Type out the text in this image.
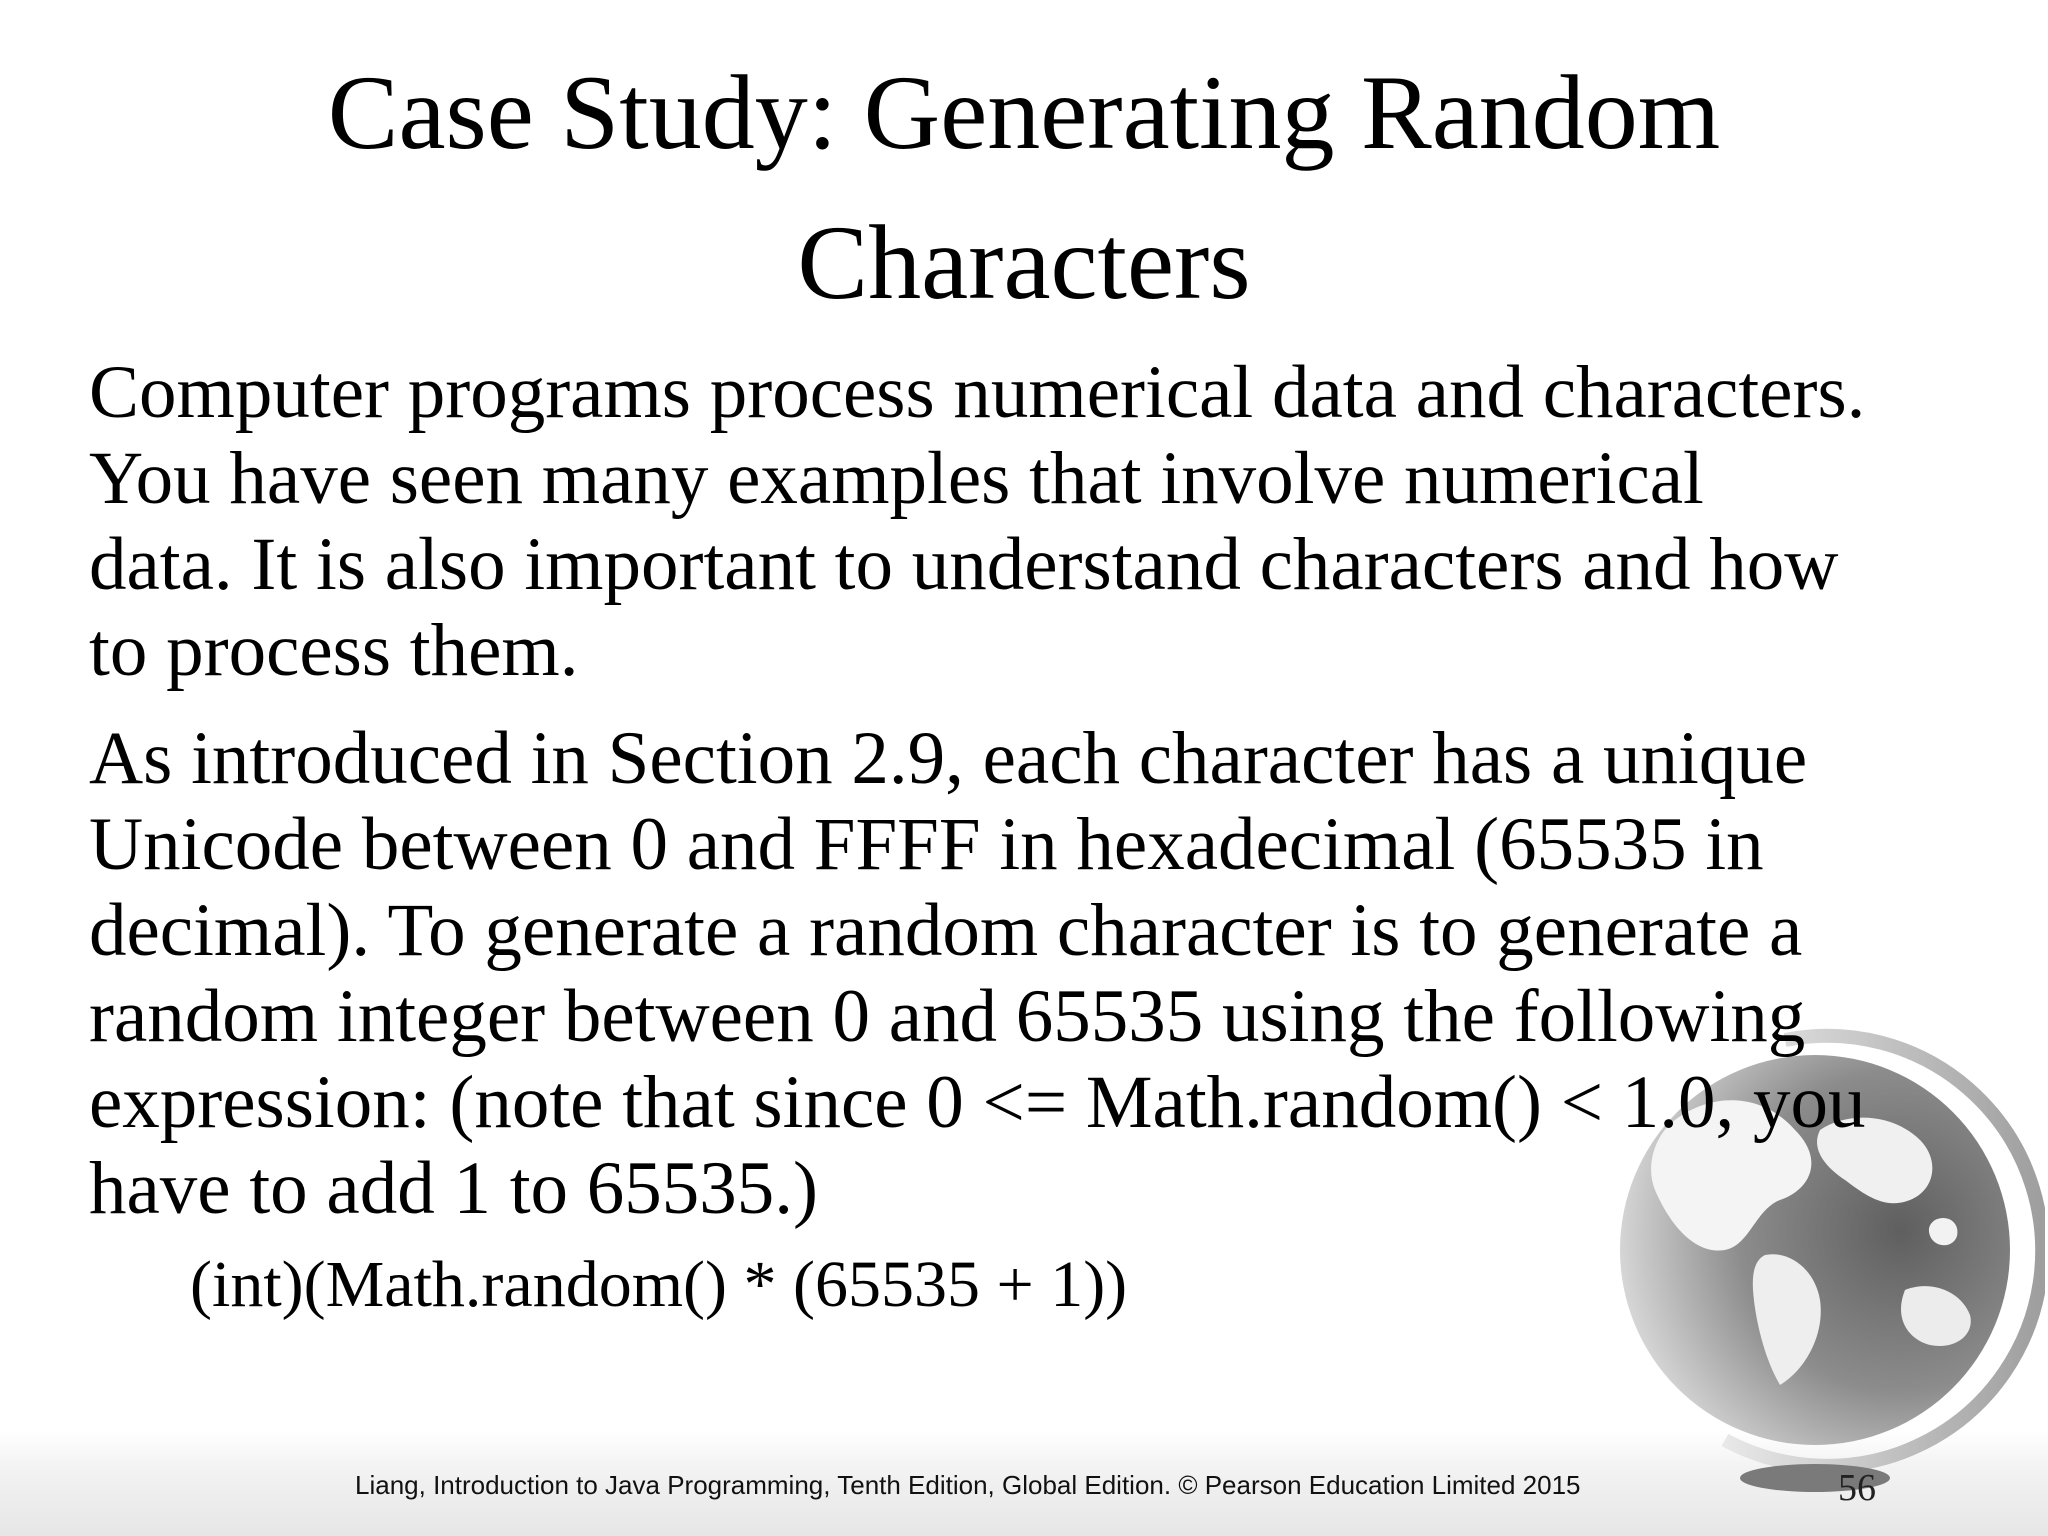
Case Study: Generating Random
Characters

Computer programs process numerical data and characters.
You have seen many examples that involve numerical
data. It is also important to understand characters and how
to process them.

As introduced in Section 2.9, each character has a unique
Unicode between 0 and FFFF in hexadecimal (65535 in
decimal). To generate a random character is to generate a
random integer between 0 and 65535 using the following
expression: (note that since 0 <= Math.random() < 1.0, you
have to add 1 to 65535.)

(int)(Math.random() * (65535 + 1))
Liang, Introduction to Java Programming, Tenth Edition, Global Edition. © Pearson Education Limited 2015	56
